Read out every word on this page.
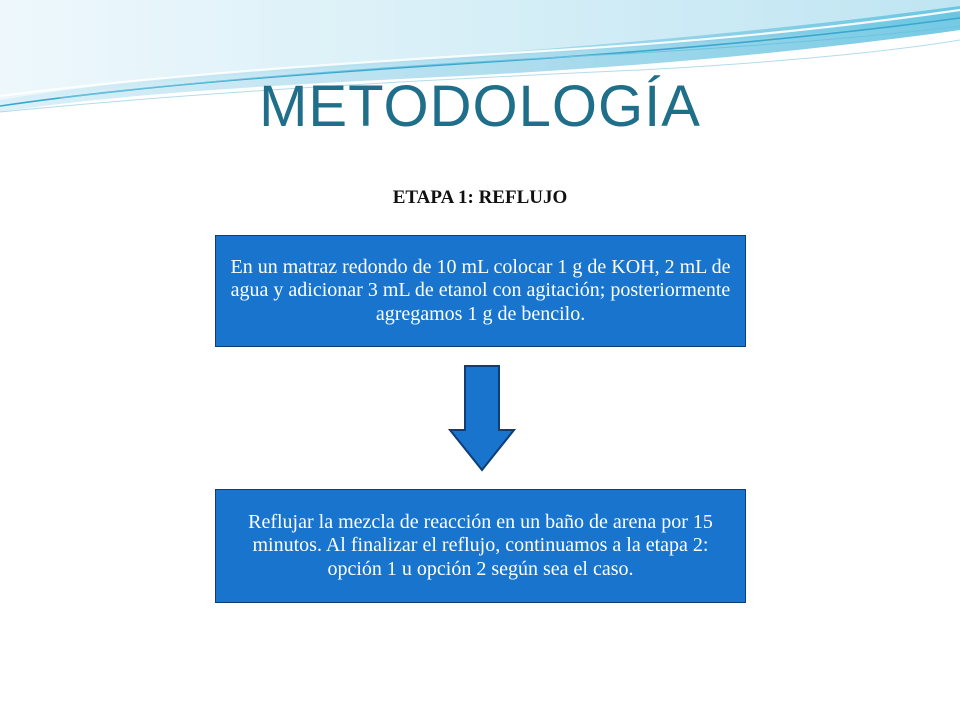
METODOLOGÍA
ETAPA 1: REFLUJO
En un matraz redondo de 10 mL colocar 1 g de KOH, 2 mL de agua y adicionar 3 mL de etanol con agitación; posteriormente agregamos 1 g de bencilo.
Reflujar la mezcla de reacción en un baño de arena por 15 minutos. Al finalizar el reflujo, continuamos a la etapa 2: opción 1 u opción 2 según sea el caso.
